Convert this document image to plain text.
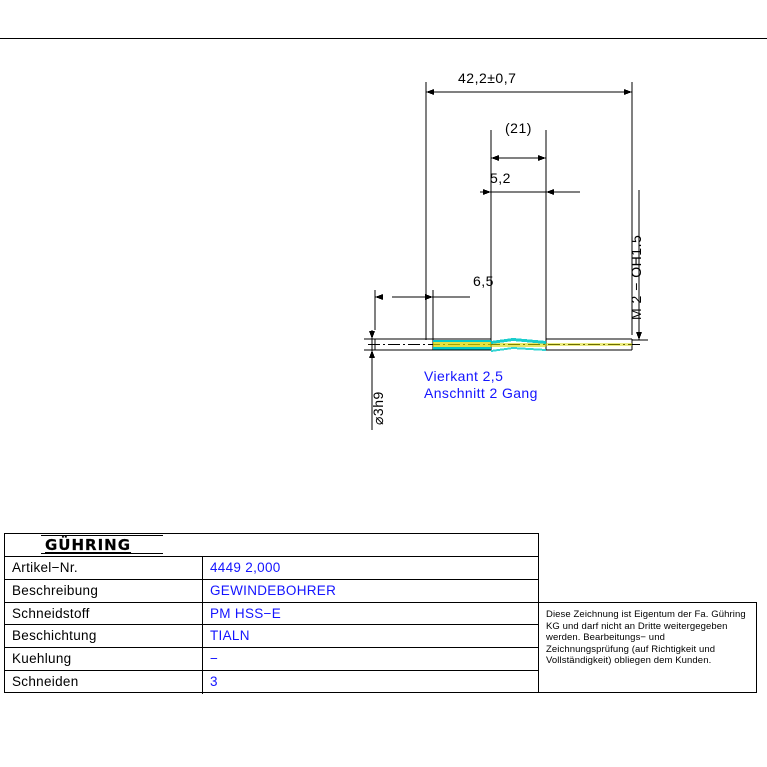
42,2±0,7
(21)
5,2
6,5	M 2 − OH1.5
⌀3h9
Vierkant 2,5
Anschnitt 2 Gang
GÜHRING
Artikel−Nr.	4449 2,000
Beschreibung	GEWINDEBOHRER
Schneidstoff	PM HSS−E
Beschichtung	TIALN
Kuehlung	−
Schneiden	3
Diese Zeichnung ist Eigentum der Fa. Gühring KG und darf nicht an Dritte weitergegeben werden. Bearbeitungs− und Zeichnungsprüfung (auf Richtigkeit und Vollständigkeit) obliegen dem Kunden.
